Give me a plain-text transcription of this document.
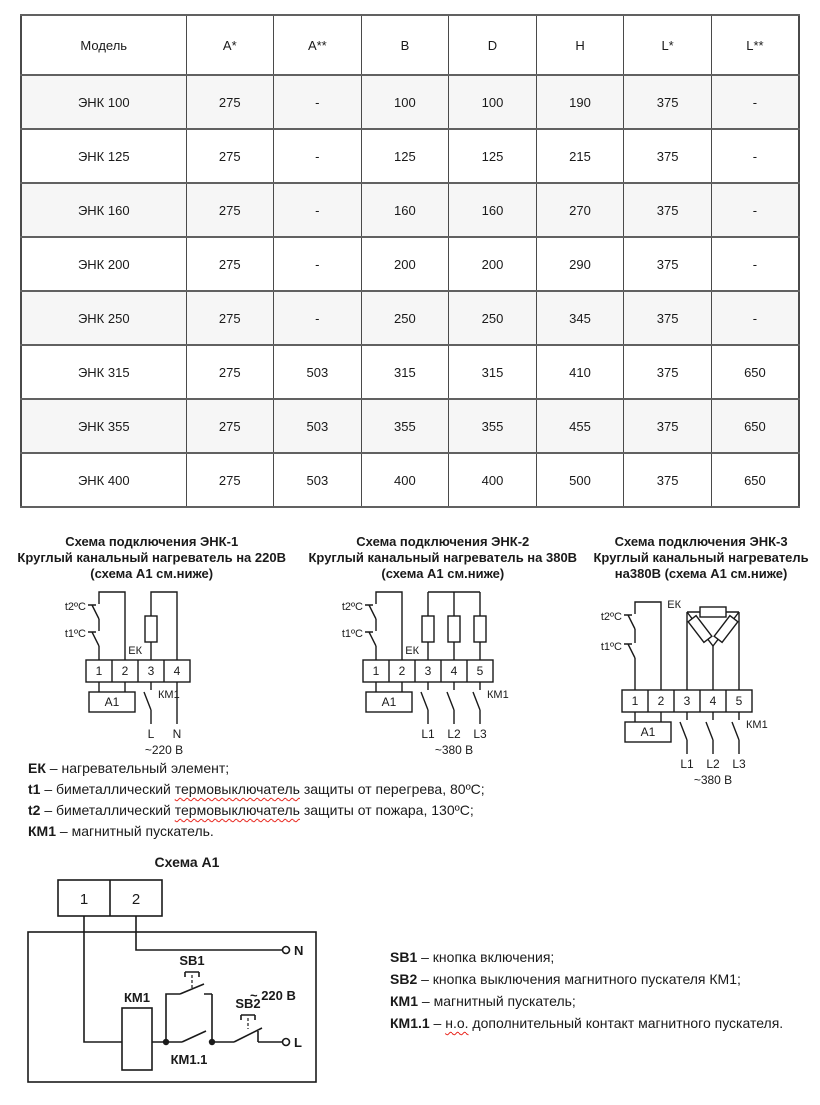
Модель	A*	A**	B	D	H	L*	L**
ЭНК 100	275	-	100	100	190	375	-
ЭНК 125	275	-	125	125	215	375	-
ЭНК 160	275	-	160	160	270	375	-
ЭНК 200	275	-	200	200	290	375	-
ЭНК 250	275	-	250	250	345	375	-
ЭНК 315	275	503	315	315	410	375	650
ЭНК 355	275	503	355	355	455	375	650
ЭНК 400	275	503	400	400	500	375	650
Схема подключения ЭНК-1
Круглый канальный нагреватель на 220В
(схема А1 см.ниже)
t2ºC
t1ºC
ЕК
1 2 3 4
А1	КМ1
L N
~220 В
Схема подключения ЭНК-2
Круглый канальный нагреватель на 380В
(схема А1 см.ниже)
t2ºC
t1ºC
ЕК
1 2 3 4 5
А1	КМ1
L1 L2 L3
~380 В
Схема подключения ЭНК-3
Круглый канальный нагреватель
на380В (схема А1 см.ниже)
t2ºC
t1ºC
ЕК
1 2 3 4 5
А1	КМ1
L1 L2 L3
~380 В
ЕК – нагревательный элемент;
t1 – биметаллический термовыключатель защиты от перегрева, 80ºС;
t2 – биметаллический термовыключатель защиты от пожара, 130ºС;
КМ1 – магнитный пускатель.
Схема А1
1	2
N
КМ1
SB1
КМ1.1
SB2
L
~ 220 В
SB1 – кнопка включения;
SB2 – кнопка выключения магнитного пускателя КМ1;
КМ1 – магнитный пускатель;
КМ1.1 – н.о. дополнительный контакт магнитного пускателя.
